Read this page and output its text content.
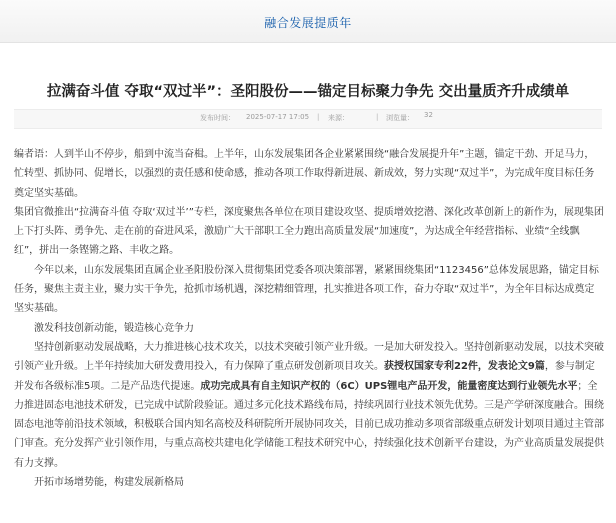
融合发展提质年
拉满奋斗值 夺取“双过半”：圣阳股份——锚定目标聚力争先 交出量质齐升成绩单
发布时间： 2025-07-17 17:05 | 来源：	| 浏览量： 32

编者语：人到半山不停步，船到中流当奋楫。上半年，山东发展集团各企业紧紧围绕“融合发展提升年”主题，锚定干劲、开足马力，忙转型、抓协同、促增长，以强烈的责任感和使命感，推动各项工作取得新进展、新成效，努力实现“双过半”，为完成年度目标任务奠定坚实基础。

集团官微推出“拉满奋斗值 夺取‘双过半’”专栏，深度聚焦各单位在项目建设攻坚、提质增效挖潜、深化改革创新上的新作为，展现集团上下打头阵、勇争先、走在前的奋进风采，激励广大干部职工全力跑出高质量发展“加速度”，为达成全年经营指标、业绩“全线飘红”，拼出一条铿锵之路、丰收之路。

今年以来，山东发展集团直属企业圣阳股份深入贯彻集团党委各项决策部署，紧紧围绕集团“1123456”总体发展思路，锚定目标任务，聚焦主责主业，聚力实干争先，抢抓市场机遇，深挖精细管理，扎实推进各项工作，奋力夺取“双过半”，为全年目标达成奠定坚实基础。

激发科技创新动能，锻造核心竞争力

坚持创新驱动发展战略，大力推进核心技术攻关，以技术突破引领产业升级。一是加大研发投入。坚持创新驱动发展，以技术突破引领产业升级。上半年持续加大研发费用投入，有力保障了重点研发创新项目攻关。获授权国家专利22件，发表论文9篇，参与制定并发布各级标准5项。二是产品迭代提速。成功完成具有自主知识产权的（6C）UPS锂电产品开发，能量密度达到行业领先水平；全力推进固态电池技术研发，已完成中试阶段验证。通过多元化技术路线布局，持续巩固行业技术领先优势。三是产学研深度融合。围绕固态电池等前沿技术领域，积极联合国内知名高校及科研院所开展协同攻关，目前已成功推动多项省部级重点研发计划项目通过主管部门审查。充分发挥产业引领作用，与重点高校共建电化学储能工程技术研究中心，持续强化技术创新平台建设，为产业高质量发展提供有力支撑。

开拓市场增势能，构建发展新格局
